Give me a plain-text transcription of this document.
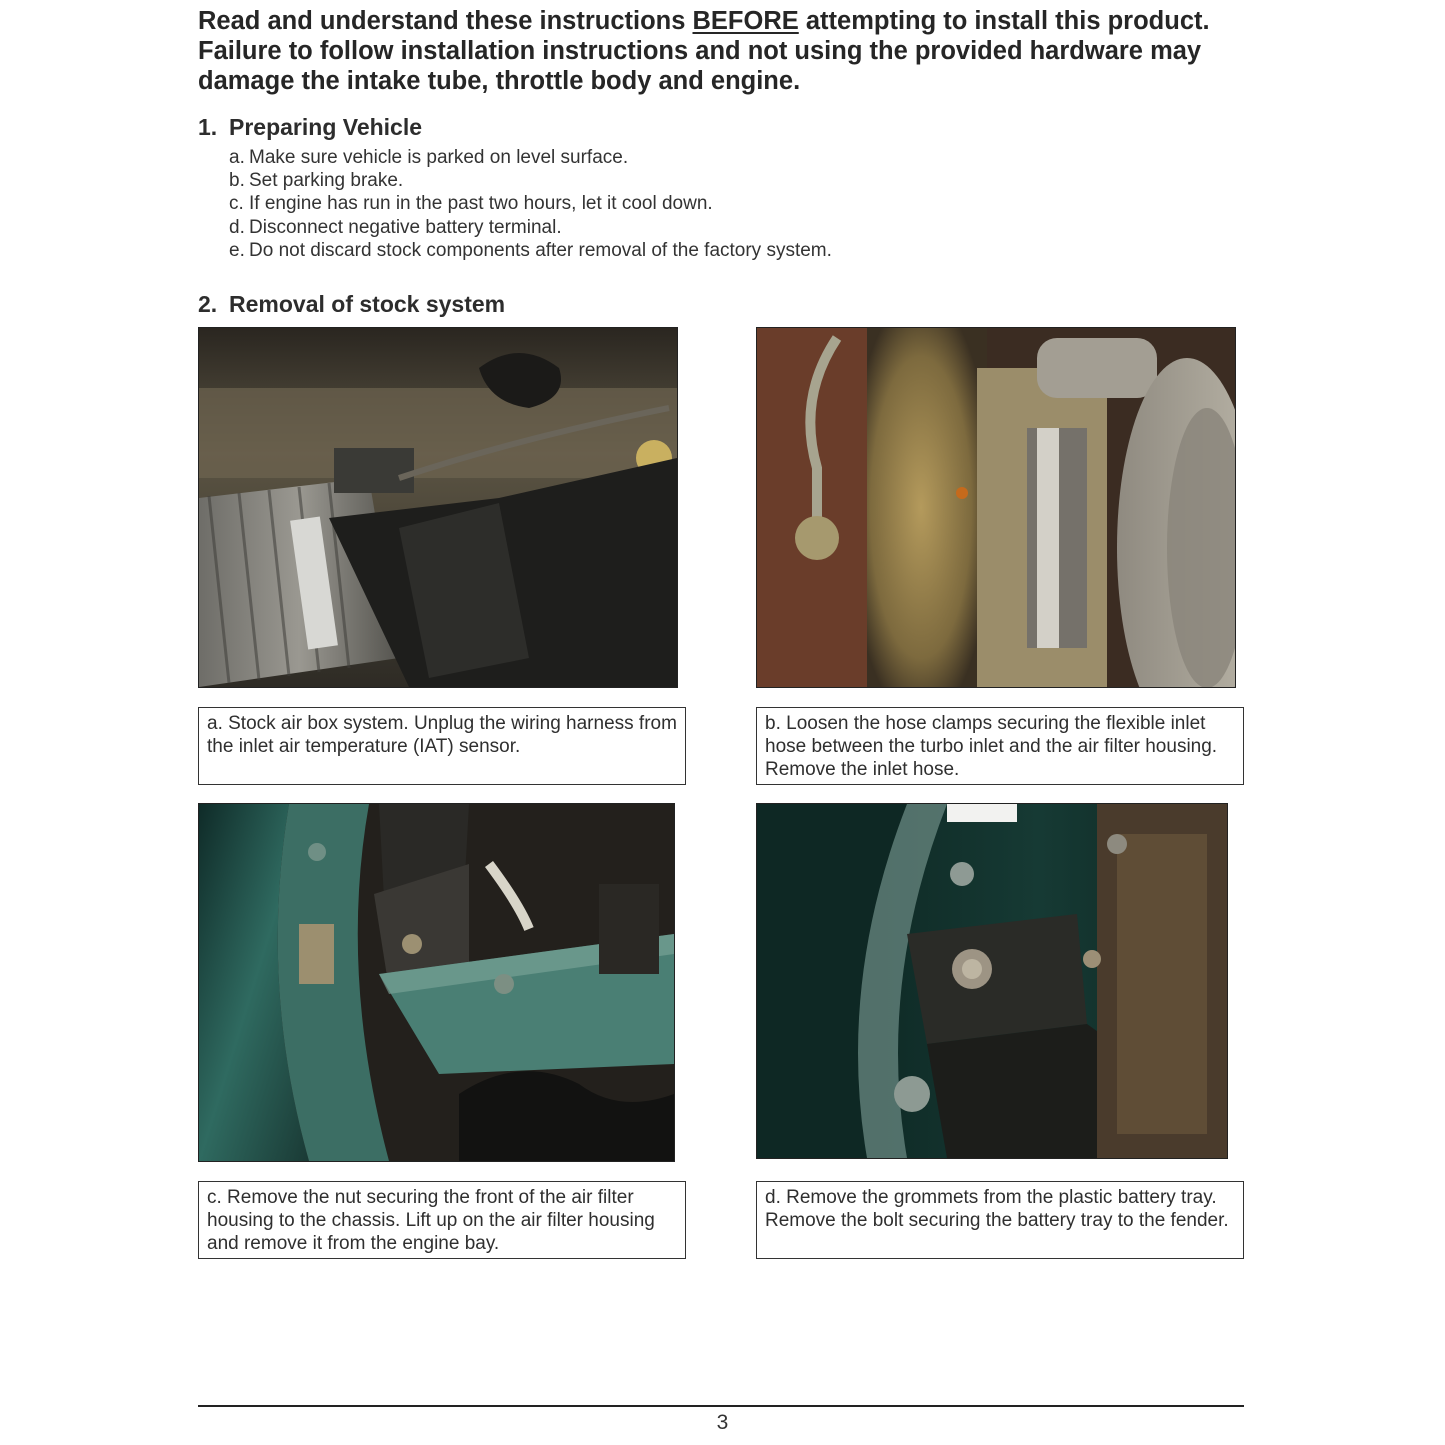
Read and understand these instructions BEFORE attempting to install this product.
Failure to follow installation instructions and not using the provided hardware may
damage the intake tube, throttle body and engine.
1. Preparing Vehicle
a. Make sure vehicle is parked on level surface.
b. Set parking brake.
c. If engine has run in the past two hours, let it cool down.
d. Disconnect negative battery terminal.
e. Do not discard stock components after removal of the factory system.
2. Removal of stock system
a. Stock air box system. Unplug the wiring harness from the inlet air temperature (IAT) sensor.
b. Loosen the hose clamps securing the flexible inlet hose between the turbo inlet and the air filter housing. Remove the inlet hose.
c. Remove the nut securing the front of the air filter housing to the chassis. Lift up on the air filter housing and remove it from the engine bay.
d. Remove the grommets from the plastic battery tray. Remove the bolt securing the battery tray to the fender.
3
